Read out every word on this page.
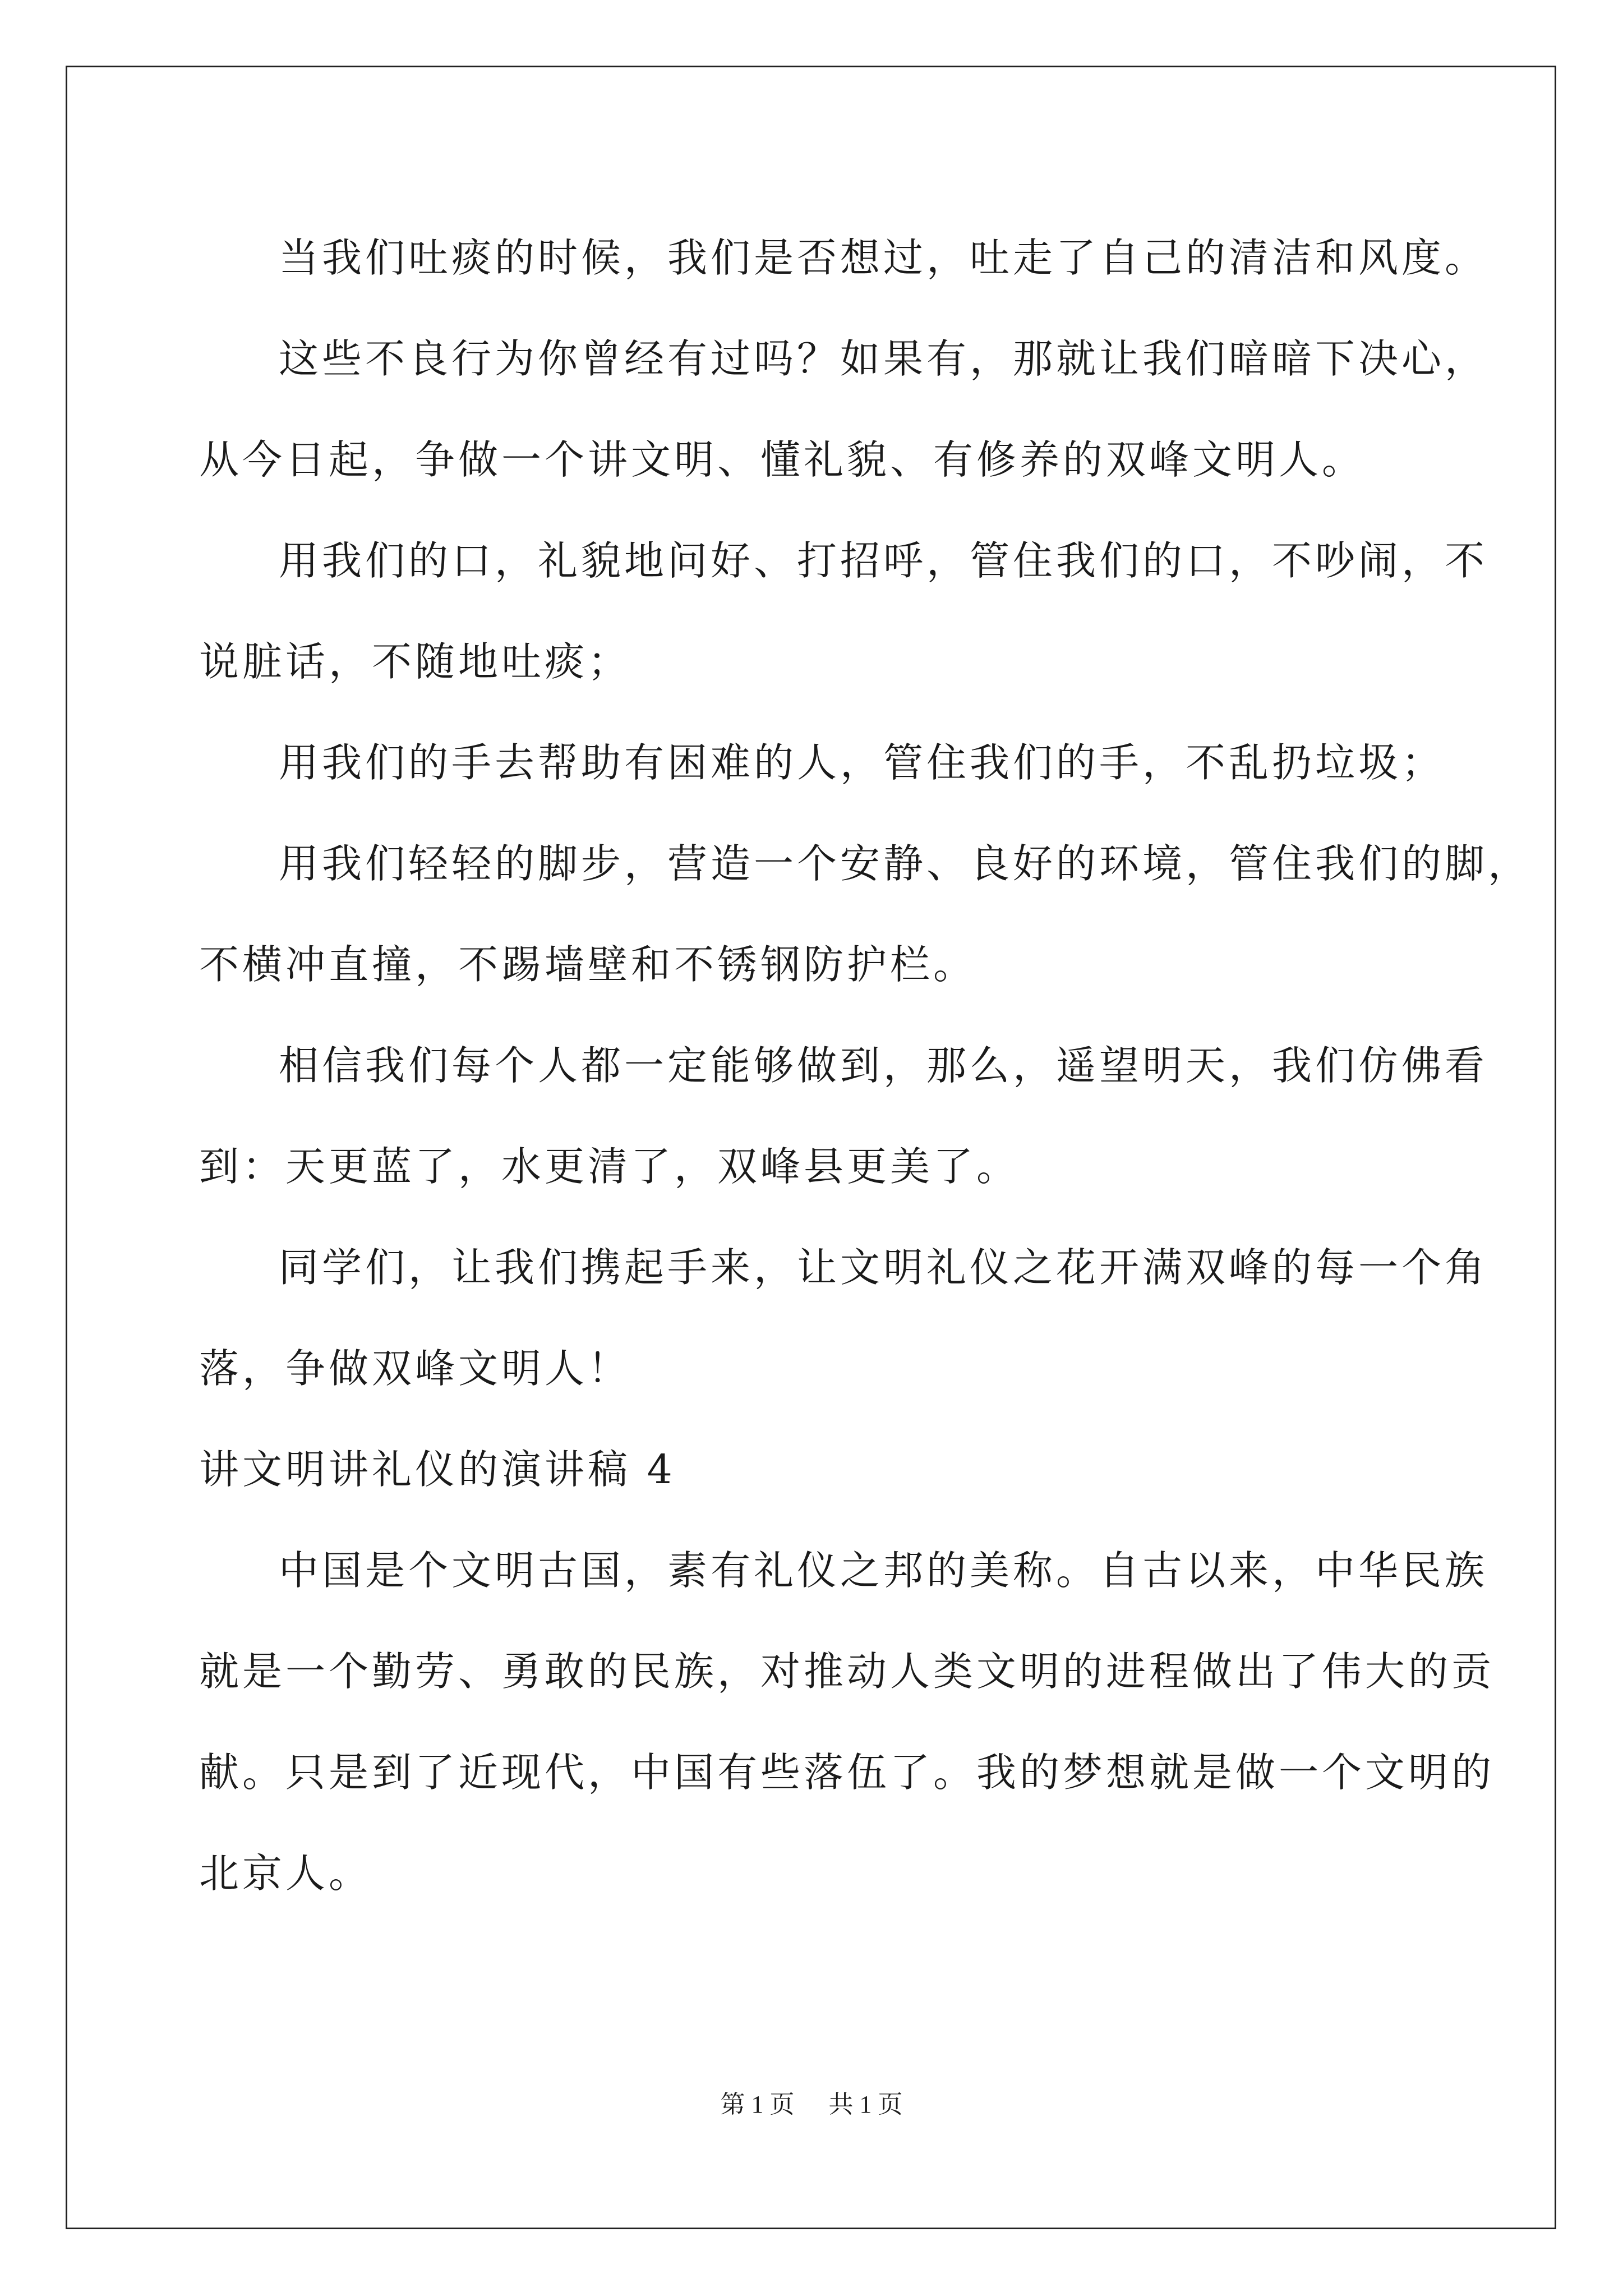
当我们吐痰的时候，我们是否想过，吐走了自己的清洁和风度。

这些不良行为你曾经有过吗？如果有，那就让我们暗暗下决心，

从今日起，争做一个讲文明、懂礼貌、有修养的双峰文明人。

用我们的口，礼貌地问好、打招呼，管住我们的口，不吵闹，不

说脏话，不随地吐痰；

用我们的手去帮助有困难的人，管住我们的手，不乱扔垃圾；

用我们轻轻的脚步，营造一个安静、良好的环境，管住我们的脚，

不横冲直撞，不踢墙壁和不锈钢防护栏。

相信我们每个人都一定能够做到，那么，遥望明天，我们仿佛看

到：天更蓝了，水更清了，双峰县更美了。

同学们，让我们携起手来，让文明礼仪之花开满双峰的每一个角

落，争做双峰文明人！

讲文明讲礼仪的演讲稿 4

中国是个文明古国，素有礼仪之邦的美称。自古以来，中华民族

就是一个勤劳、勇敢的民族，对推动人类文明的进程做出了伟大的贡

献。只是到了近现代，中国有些落伍了。我的梦想就是做一个文明的

北京人。

第 1 页 共 1 页
